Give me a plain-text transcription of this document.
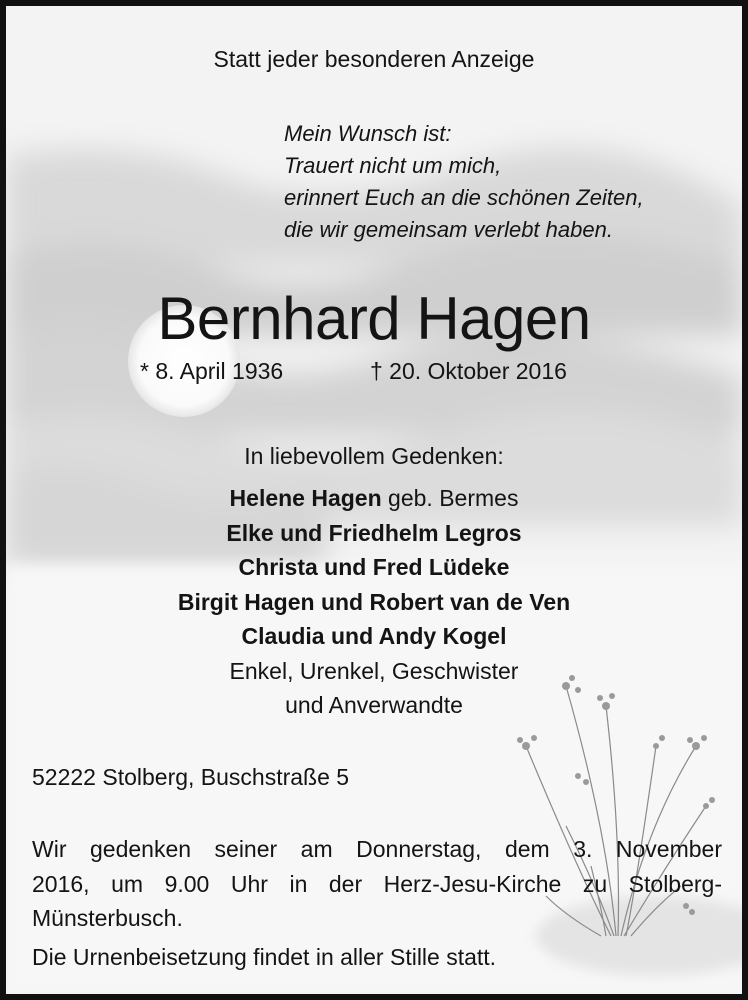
Statt jeder besonderen Anzeige
Mein Wunsch ist:
Trauert nicht um mich,
erinnert Euch an die schönen Zeiten,
die wir gemeinsam verlebt haben.
Bernhard Hagen
* 8. April 1936	† 20. Oktober 2016
In liebevollem Gedenken:
Helene Hagen geb. Bermes
Elke und Friedhelm Legros
Christa und Fred Lüdeke
Birgit Hagen und Robert van de Ven
Claudia und Andy Kogel
Enkel, Urenkel, Geschwister
und Anverwandte
52222 Stolberg, Buschstraße 5
Wir gedenken seiner am Donnerstag, dem 3. November
2016, um 9.00 Uhr in der Herz-Jesu-Kirche zu Stolberg-
Münsterbusch.
Die Urnenbeisetzung findet in aller Stille statt.
